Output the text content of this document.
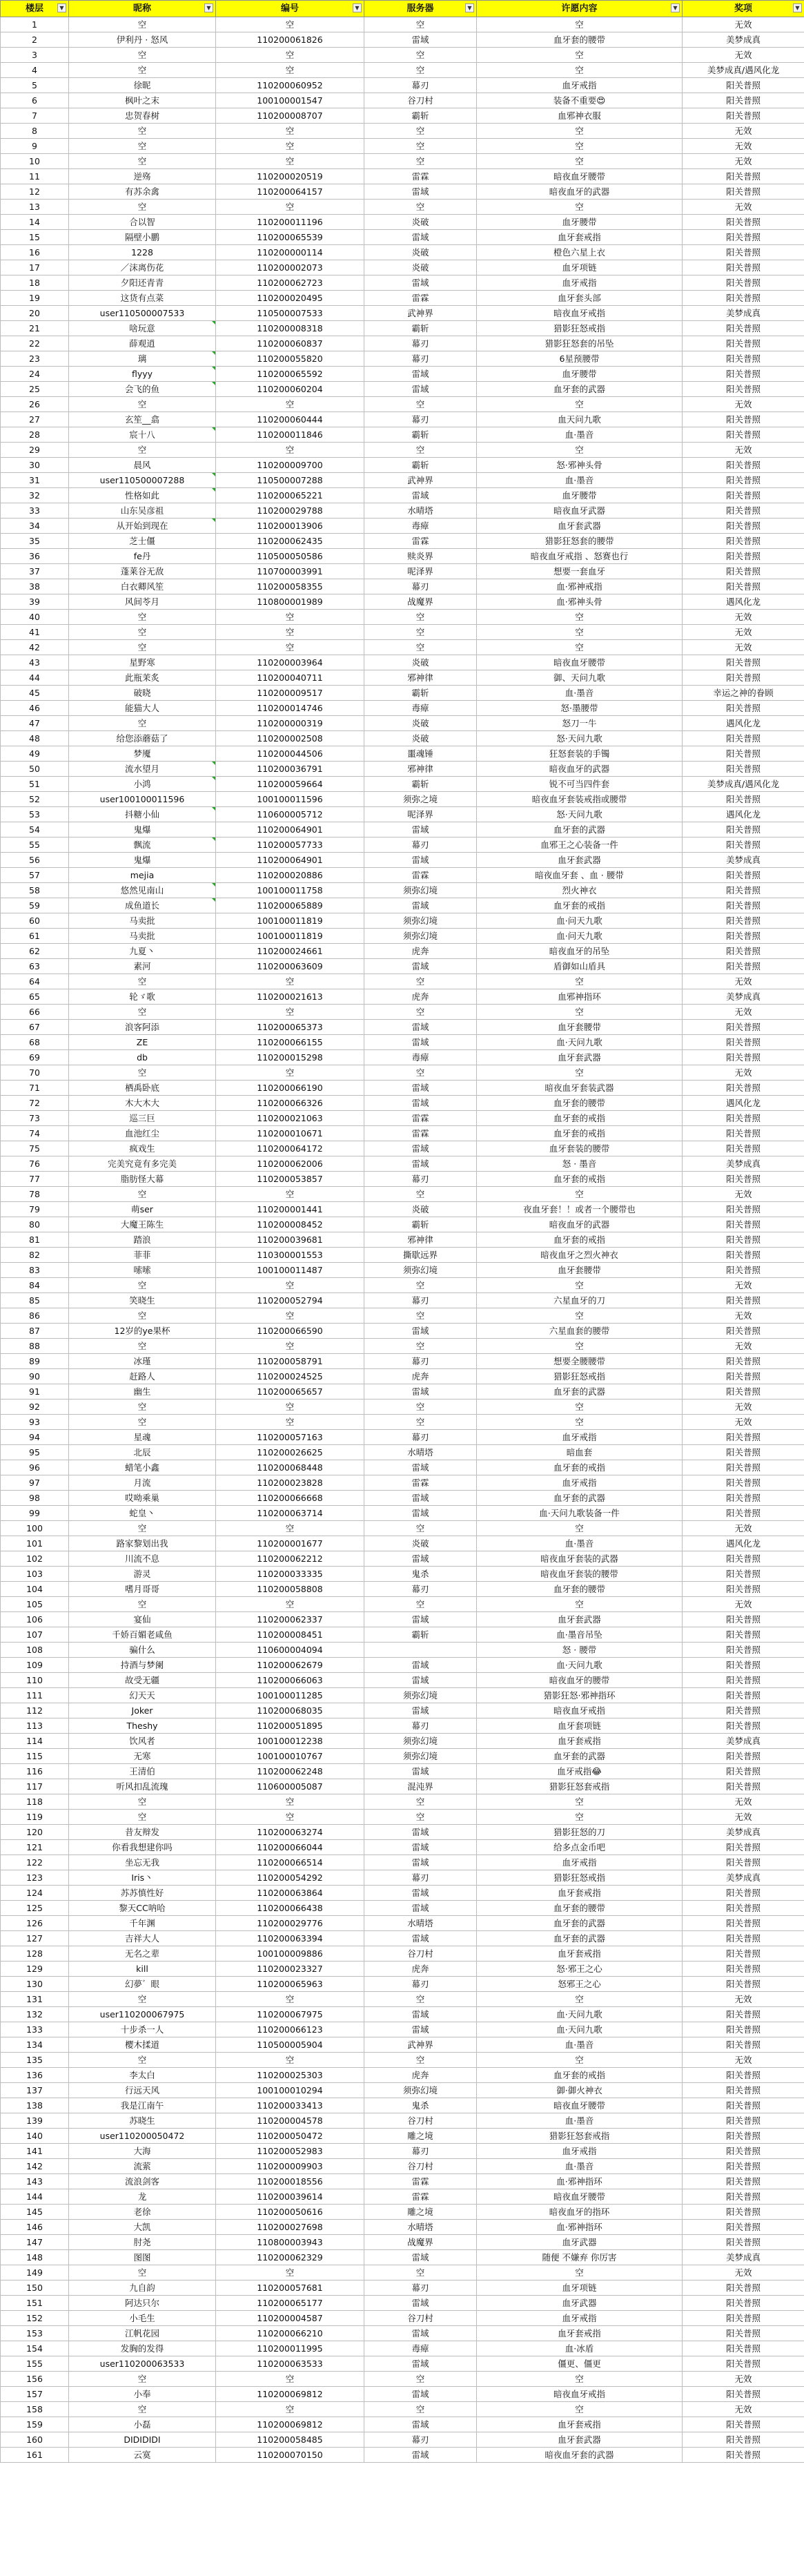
楼层 ▼	昵称 ▼	编号 ▼	服务器 ▼	许愿内容 ▼	奖项 ▼

1	空	空	空	空	无效
2	伊利丹 · 怒风	110200061826	雷域	血牙套的腰带	美梦成真
3	空	空	空	空	无效
4	空	空	空	空	美梦成真/遇风化龙
5	徐昵	110200060952	幕刃	血牙戒指	阳关普照
6	枫叶之末	100100001547	谷刀村	装备不重要😍	阳关普照
7	忠贺春树	110200008707	霸斩	血邪神衣服	阳关普照
8	空	空	空	空	无效
9	空	空	空	空	无效
10	空	空	空	空	无效
11	逆殇	110200020519	雷霖	暗夜血牙腰带	阳关普照
12	有苏余禽	110200064157	雷域	暗夜血牙的武器	阳关普照
13	空	空	空	空	无效
14	合以智	110200011196	炎破	血牙腰带	阳关普照
15	隔壁小鹏	110200065539	雷域	血牙套戒指	阳关普照
16	1228	110200000114	炎破	橙色六星上衣	阳关普照
17	／沫离伤花	110200002073	炎破	血牙项链	阳关普照
18	夕阳还青青	110200062723	雷域	血牙戒指	阳关普照
19	这货有点菜	110200020495	雷霖	血牙套头部	阳关普照
20	user110500007533	110500007533	武神界	暗夜血牙戒指	美梦成真
21	啥玩意	110200008318	霸斩	猎影狂怒戒指	阳关普照
22	薛观逍	110200060837	幕刃	猎影狂怒套的吊坠	阳关普照
23	璃	110200055820	幕刃	6星预腰带	阳关普照
24	flyyy	110200065592	雷域	血牙腰带	阳关普照
25	会飞的鱼	110200060204	雷域	血牙套的武器	阳关普照
26	空	空	空	空	无效
27	玄笙__翕	110200060444	幕刃	血天问九歌	阳关普照
28	宸十八	110200011846	霸斩	血·墨音	阳关普照
29	空	空	空	空	无效
30	晨风	110200009700	霸斩	怒·邪神头骨	阳关普照
31	user110500007288	110500007288	武神界	血·墨音	阳关普照
32	性格如此	110200065221	雷域	血牙腰带	阳关普照
33	山东吴彦祖	110200029788	水晴塔	暗夜血牙武器	阳关普照
34	从开始到现在	110200013906	毒瘴	血牙套武器	阳关普照
35	芝士僵	110200062435	雷霖	猎影狂怒套的腰带	阳关普照
36	fe丹	110500050586	赎炎界	暗夜血牙戒指 、怒赛也行	阳关普照
37	蓬莱谷无敌	110700003991	呢泽界	想要一套血牙	阳关普照
38	白衣卿风笙	110200058355	幕刃	血·邪神戒指	阳关普照
39	风间苓月	110800001989	战魔界	血·邪神头骨	遇风化龙
40	空	空	空	空	无效
41	空	空	空	空	无效
42	空	空	空	空	无效
43	星野寒	110200003964	炎破	暗夜血牙腰带	阳关普照
44	此瓶茉炙	110200040711	邪神律	御、天问九歌	阳关普照
45	破晓	110200009517	霸斩	血·墨音	幸运之神的眷顾
46	能猫大人	110200014746	毒瘴	怒·墨腰带	阳关普照
47	空	110200000319	炎破	怒刀一牛	遇风化龙
48	给您添蘑菇了	110200002508	炎破	怒·天问九歌	阳关普照
49	梦魇	110200044506	噩魂锤	狂怒套装的手镯	阳关普照
50	流水望月	110200036791	邪神律	暗夜血牙的武器	阳关普照
51	小鸿	110200059664	霸斩	锐不可当四件套	美梦成真/遇风化龙
52	user100100011596	100100011596	须弥之境	暗夜血牙套装戒指或腰带	阳关普照
53	抖糖小仙	110600005712	呢泽界	怒·天问九歌	遇风化龙
54	鬼爆	110200064901	雷域	血牙套的武器	阳关普照
55	飘流	110200057733	幕刃	血邪王之心装备一件	阳关普照
56	鬼爆	110200064901	雷域	血牙套武器	美梦成真
57	mejia	110200020886	雷霖	暗夜血牙套 、血 · 腰带	阳关普照
58	悠然见南山	100100011758	须弥幻境	烈火神衣	阳关普照
59	成鱼道长	110200065889	雷域	血牙套的戒指	阳关普照
60	马卖批	100100011819	须弥幻境	血·问天九歌	阳关普照
61	马卖批	100100011819	须弥幻境	血·问天九歌	阳关普照
62	九夏丶	110200024661	虎奔	暗夜血牙的吊坠	阳关普照
63	素河	110200063609	雷域	盾御如山盾具	阳关普照
64	空	空	空	空	无效
65	轮ゞ歌	110200021613	虎奔	血邪神指环	美梦成真
66	空	空	空	空	无效
67	浪客阿添	110200065373	雷域	血牙套腰带	阳关普照
68	ZE	110200066155	雷域	血·天问九歌	阳关普照
69	db	110200015298	毒瘴	血牙套武器	阳关普照
70	空	空	空	空	无效
71	栖禹卧底	110200066190	雷域	暗夜血牙套装武器	阳关普照
72	木大木大	110200066326	雷域	血牙套的腰带	遇风化龙
73	巡三巨	110200021063	雷霖	血牙套的戒指	阳关普照
74	血池红尘	110200010671	雷霖	血牙套的戒指	阳关普照
75	疯戏生	110200064172	雷域	血牙套装的腰带	阳关普照
76	完美究竟有多完美	110200062006	雷域	怒 · 墨音	美梦成真
77	脂肪怪大幕	110200053857	幕刃	血牙套的戒指	阳关普照
78	空	空	空	空	无效
79	萌ser	110200001441	炎破	夜血牙套！！或者一个腰带也	阳关普照
80	大魔王陈生	110200008452	霸斩	暗夜血牙的武器	阳关普照
81	踏浪	110200039681	邪神律	血牙套的戒指	阳关普照
82	菲菲	110300001553	撕歇远界	暗夜血牙之烈火神衣	阳关普照
83	嗦嗦	100100011487	须弥幻境	血牙套腰带	阳关普照
84	空	空	空	空	无效
85	笑晓生	110200052794	幕刃	六星血牙的刀	阳关普照
86	空	空	空	空	无效
87	12岁的ye果杯	110200066590	雷域	六星血套的腰带	阳关普照
88	空	空	空	空	无效
89	冰瑾	110200058791	幕刃	想要全腰腰带	阳关普照
90	赶路人	110200024525	虎奔	猎影狂怒戒指	阳关普照
91	幽生	110200065657	雷域	血牙套的武器	阳关普照
92	空	空	空	空	无效
93	空	空	空	空	无效
94	星魂	110200057163	幕刃	血牙戒指	阳关普照
95	北辰	110200026625	水晴塔	暗血套	阳关普照
96	蜡笔小鑫	110200068448	雷域	血牙套的戒指	阳关普照
97	月流	110200023828	雷霖	血牙戒指	阳关普照
98	哎呦乘巢	110200066668	雷域	血牙套的武器	阳关普照
99	蛇皇丶	110200063714	雷域	血·天问九歌装备一件	阳关普照
100	空	空	空	空	无效
101	路家黎划出我	110200001677	炎破	血·墨音	遇风化龙
102	川流不息	110200062212	雷域	暗夜血牙套装的武器	阳关普照
103	游灵	110200033335	鬼杀	暗夜血牙套装的腰带	阳关普照
104	嗜月哥哥	110200058808	幕刃	血牙套的腰带	阳关普照
105	空	空	空	空	无效
106	宴仙	110200062337	雷域	血牙套武器	阳关普照
107	千娇百媚老咸鱼	110200008451	霸斩	血·墨音吊坠	阳关普照
108	骗什么	110600004094		怒 · 腰带	阳关普照
109	持酒与梦阑	110200062679	雷域	血·天问九歌	阳关普照
110	故受无疆	110200066063	雷域	暗夜血牙的腰带	阳关普照
111	幻天天	100100011285	须弥幻境	猎影狂怒·邪神指环	阳关普照
112	Joker	110200068035	雷域	暗夜血牙戒指	阳关普照
113	Theshy	110200051895	幕刃	血牙套项链	阳关普照
114	饮风者	100100012238	须弥幻境	血牙套戒指	美梦成真
115	无寒	100100010767	须弥幻境	血牙套的武器	阳关普照
116	王清伯	110200062248	雷域	血牙戒指😂	阳关普照
117	听风扣乱流瑰	110600005087	混沌界	猎影狂怒套戒指	阳关普照
118	空	空	空	空	无效
119	空	空	空	空	无效
120	昔友辩发	110200063274	雷域	猎影狂怒的刀	美梦成真
121	你看我想建你吗	110200066044	雷域	给多点金币吧	阳关普照
122	坐忘无我	110200066514	雷域	血牙戒指	阳关普照
123	Iris丶	110200054292	幕刃	猎影狂怒戒指	美梦成真
124	苏苏慎性好	110200063864	雷域	血牙套戒指	阳关普照
125	黎天CC呐哈	110200066438	雷域	血牙套的腰带	阳关普照
126	千年渊	110200029776	水晴塔	血牙套的武器	阳关普照
127	吉祥大人	110200063394	雷域	血牙套的武器	阳关普照
128	无名之辈	100100009886	谷刀村	血牙套戒指	阳关普照
129	kill	110200023327	虎奔	怒·邪王之心	阳关普照
130	幻夢゛眼	110200065963	幕刃	怒邪王之心	阳关普照
131	空	空	空	空	无效
132	user110200067975	110200067975	雷域	血·天问九歌	阳关普照
133	十步杀一人	110200066123	雷域	血·天问九歌	阳关普照
134	樱木揉道	110500005904	武神界	血·墨音	阳关普照
135	空	空	空	空	无效
136	李太白	110200025303	虎奔	血牙套的戒指	阳关普照
137	行远天风	100100010294	须弥幻境	御·御火神衣	阳关普照
138	我是江南午	110200033413	鬼杀	暗夜血牙腰带	阳关普照
139	苏晓生	110200004578	谷刀村	血·墨音	阳关普照
140	user110200050472	110200050472	雕之境	猎影狂怒套戒指	阳关普照
141	大海	110200052983	幕刃	血牙戒指	阳关普照
142	流萦	110200009903	谷刀村	血·墨音	阳关普照
143	流浪剑客	110200018556	雷霖	血·邪神指环	阳关普照
144	龙	110200039614	雷霖	暗夜血牙腰带	阳关普照
145	老徐	110200050616	雕之境	暗夜血牙的指环	阳关普照
146	大凯	110200027698	水晴塔	血·邪神指环	阳关普照
147	肘尧	110800003943	战魔界	血牙武器	阳关普照
148	图图	110200062329	雷域	随便 不嫌弃 你厉害	美梦成真
149	空	空	空	空	无效
150	九自韵	110200057681	幕刃	血牙项链	阳关普照
151	阿达只尔	110200065177	雷域	血牙武器	阳关普照
152	小毛生	110200004587	谷刀村	血牙戒指	阳关普照
153	江帆花园	110200066210	雷域	血牙套戒指	阳关普照
154	发胸的发得	110200011995	毒瘴	血·冰盾	阳关普照
155	user110200063533	110200063533	雷域	僵更、僵更	阳关普照
156	空	空	空	空	无效
157	小奉	110200069812	雷域	暗夜血牙戒指	阳关普照
158	空	空	空	空	无效
159	小磊	110200069812	雷域	血牙套戒指	阳关普照
160	DIDIDIDI	110200058485	幕刃	血牙套武器	阳关普照
161	云寞	110200070150	雷域	暗夜血牙套的武器	阳关普照
